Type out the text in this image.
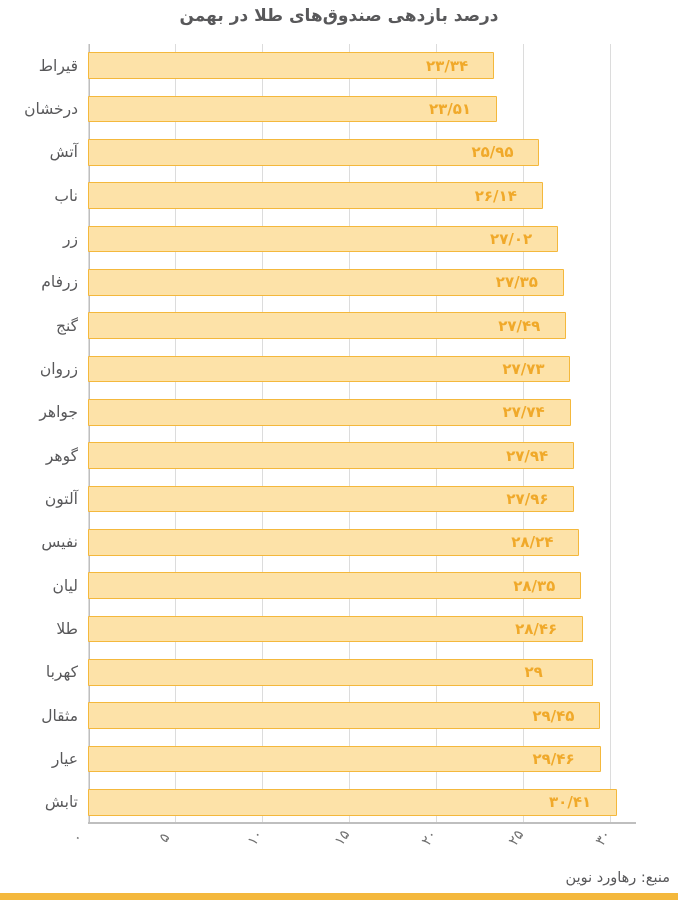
درصد بازدهی صندوق‌های طلا در بهمن
قیراط	۲۳/۳۴
درخشان	۲۳/۵۱
آتش	۲۵/۹۵
ناب	۲۶/۱۴
زر	۲۷/۰۲
زرفام	۲۷/۳۵
گنج	۲۷/۴۹
زروان	۲۷/۷۳
جواهر	۲۷/۷۴
گوهر	۲۷/۹۴
آلتون	۲۷/۹۶
نفیس	۲۸/۲۴
لیان	۲۸/۳۵
طلا	۲۸/۴۶
کهربا	۲۹
مثقال	۲۹/۴۵
عیار	۲۹/۴۶
تابش	۳۰/۴۱
۰	۵	۱۰	۱۵	۲۰	۲۵	۳۰
منبع: رهاورد نوین
